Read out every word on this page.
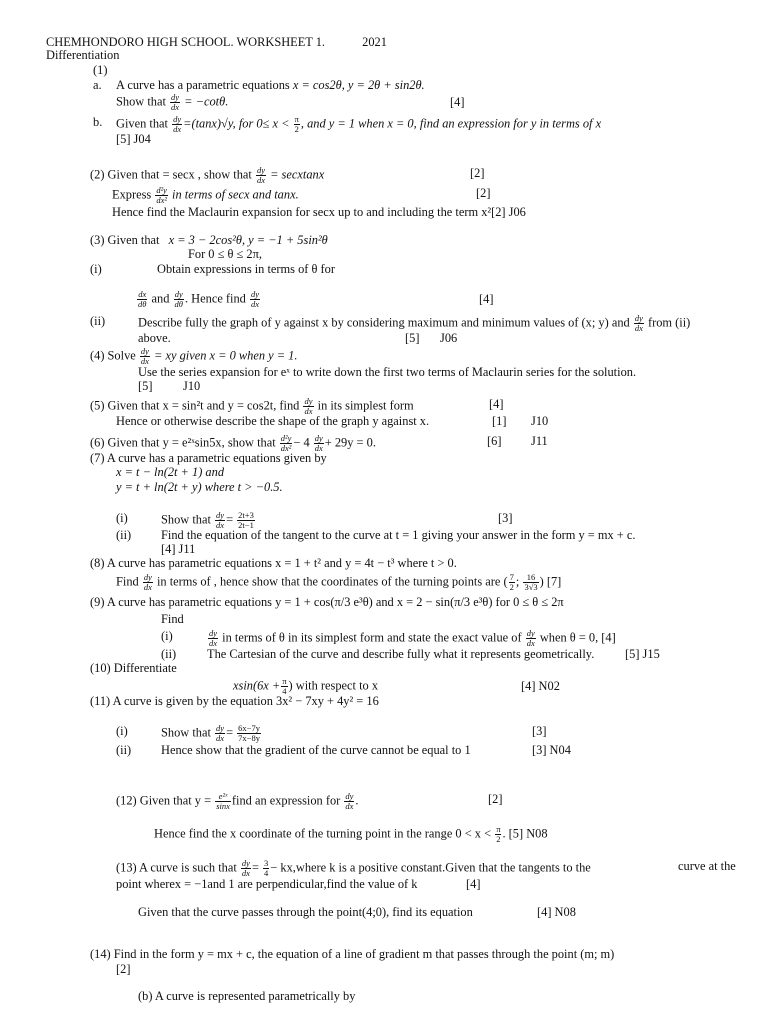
CHEMHONDORO HIGH SCHOOL. WORKSHEET 1.	2021
Differentiation
(1)
a. A curve has a parametric equations x = cos2θ, y = 2θ + sin2θ.
Show that $\frac{dy}{dx} = -\cot\theta$.	[4]
b. Given that $\frac{dy}{dx} =(\tan x)√y$, for $0\le x < \frac{\pi}{2}$ , and y = 1 when x = 0, find an expression for y in terms of x
[5] J04
(2) Given that = secx , show that $\frac{dy}{dx}$ = secxtanx	[2]
Express $\frac{\text{d²y}}{\text{dx²}}$ in terms of secx and tanx.	[2]
Hence find the Maclaurin expansion for secx up to and including the term x²[2] J06
(3) Given that x = 3 − 2cos²θ, y = −1 + 5sin²θ
For 0 ≤ θ ≤ 2π,
(i)	Obtain expressions in terms of θ for
$\frac{dx}{d\theta}$ and $\frac{dy}{d\theta}$ . Hence find $\frac{dy}{dx}$	[4]
(ii)	Describe fully the graph of y against x by considering maximum and minimum values of (x; y) and $\frac{dy}{dx}$ from (ii)
above.	[5] J06
(4) Solve $\frac{dy}{dx}$ = xy given x = 0 when y = 1.
Use the series expansion for eˣ to write down the first two terms of Maclaurin series for the solution.
[5] J10
(5) Given that x = sin²t and y = cos2t, find $\frac{dy}{dx}$ in its simplest form	[4]
Hence or otherwise describe the shape of the graph y against x.	[1] J10
(6) Given that y = e²ˣsin5x, show that $\frac{\text{d²y}}{\text{dx²}} - 4 \frac{dy}{dx} + 29y = 0$.	[6] J11
(7) A curve has a parametric equations given by
x = t − ln(2t + 1) and
y = t + ln(2t + y) where t > −0.5.
(i)	Show that $\frac{dy}{dx} = \frac{2t+3}{2t-1}$	[3]
(ii) Find the equation of the tangent to the curve at t = 1 giving your answer in the form y = mx + c.
[4] J11
(8) A curve has parametric equations x = 1 + t² and y = 4t − t³ where t > 0.
Find $\frac{dy}{dx}$ in terms of , hence show that the coordinates of the turning points are ( $\frac{7}{2}$ ; $\frac{16}{3√3}$ ) [7]
(9) A curve has parametric equations y = 1 + cos(π/3 e³θ) and x = 2 − sin(π/3 e³θ) for 0 ≤ θ ≤ 2π
Find
(i)	$\frac{dy}{dx}$ in terms of θ in its simplest form and state the exact value of $\frac{dy}{dx}$ when θ = 0, [4]
(ii) The Cartesian of the curve and describe fully what it represents geometrically. [5] J15
(10) Differentiate
$xsin(6x + \frac{\pi}{4}$ ) with respect to x	[4] N02
(11) A curve is given by the equation 3x² − 7xy + 4y² = 16
(i)	Show that $\frac{dy}{dx} = \frac{6x-7y}{7x-8y}$	[3]
(ii) Hence show that the gradient of the curve cannot be equal to 1	[3] N04
(12) Given that $y = \frac{\text{e²ˣ}}{\sin x}$ find an expression for $\frac{dy}{dx}$ .	[2]
Hence find the x coordinate of the turning point in the range $0 < x < \frac{\pi}{2}$ . [5] N08
(13) A curve is such that $\frac{dy}{dx} = \frac{3}{4}$ − kx,where k is a positive constant.Given that the tangents to the	curve at the
point wherex = −1and 1 are perpendicular,find the value of k	[4]
Given that the curve passes through the point(4;0), find its equation	[4] N08
(14) Find in the form y = mx + c, the equation of a line of gradient m that passes through the point (m; m)
[2]
(b) A curve is represented parametrically by
